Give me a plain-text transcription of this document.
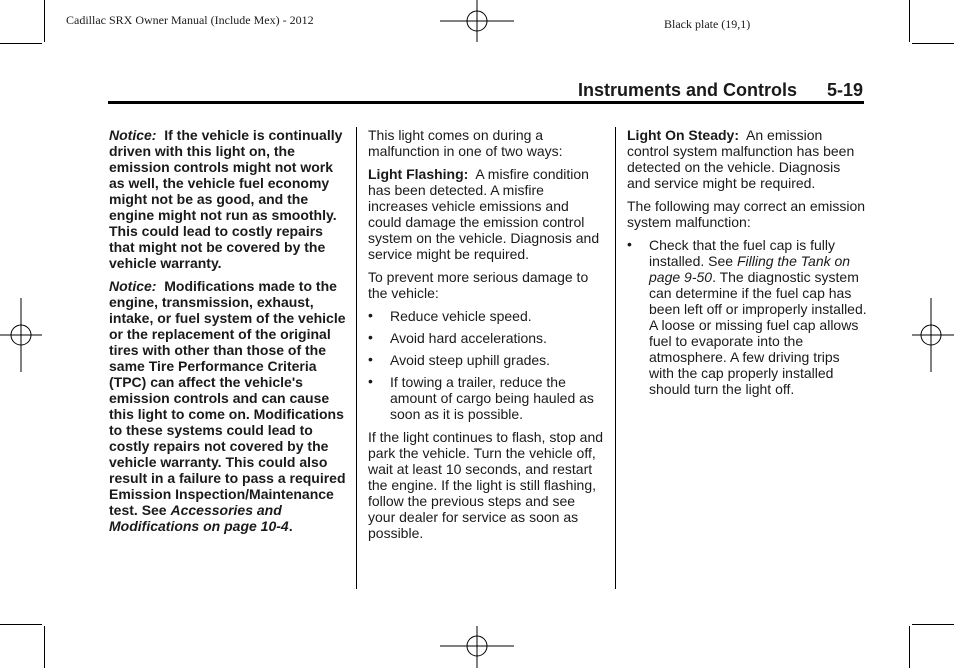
Cadillac SRX Owner Manual (Include Mex) - 2012	Black plate (19,1)
Instruments and Controls 5-19

Notice: If the vehicle is continually driven with this light on, the emission controls might not work as well, the vehicle fuel economy might not be as good, and the engine might not run as smoothly. This could lead to costly repairs that might not be covered by the vehicle warranty.

Notice: Modifications made to the engine, transmission, exhaust, intake, or fuel system of the vehicle or the replacement of the original tires with other than those of the same Tire Performance Criteria (TPC) can affect the vehicle's emission controls and can cause this light to come on. Modifications to these systems could lead to costly repairs not covered by the vehicle warranty. This could also result in a failure to pass a required Emission Inspection/Maintenance test. See Accessories and Modifications on page 10-4.

This light comes on during a malfunction in one of two ways:

Light Flashing: A misfire condition has been detected. A misfire increases vehicle emissions and could damage the emission control system on the vehicle. Diagnosis and service might be required.

To prevent more serious damage to the vehicle:

• Reduce vehicle speed.
• Avoid hard accelerations.
• Avoid steep uphill grades.
• If towing a trailer, reduce the amount of cargo being hauled as soon as it is possible.

If the light continues to flash, stop and park the vehicle. Turn the vehicle off, wait at least 10 seconds, and restart the engine. If the light is still flashing, follow the previous steps and see your dealer for service as soon as possible.

Light On Steady: An emission control system malfunction has been detected on the vehicle. Diagnosis and service might be required.

The following may correct an emission system malfunction:

• Check that the fuel cap is fully installed. See Filling the Tank on page 9-50. The diagnostic system can determine if the fuel cap has been left off or improperly installed. A loose or missing fuel cap allows fuel to evaporate into the atmosphere. A few driving trips with the cap properly installed should turn the light off.
